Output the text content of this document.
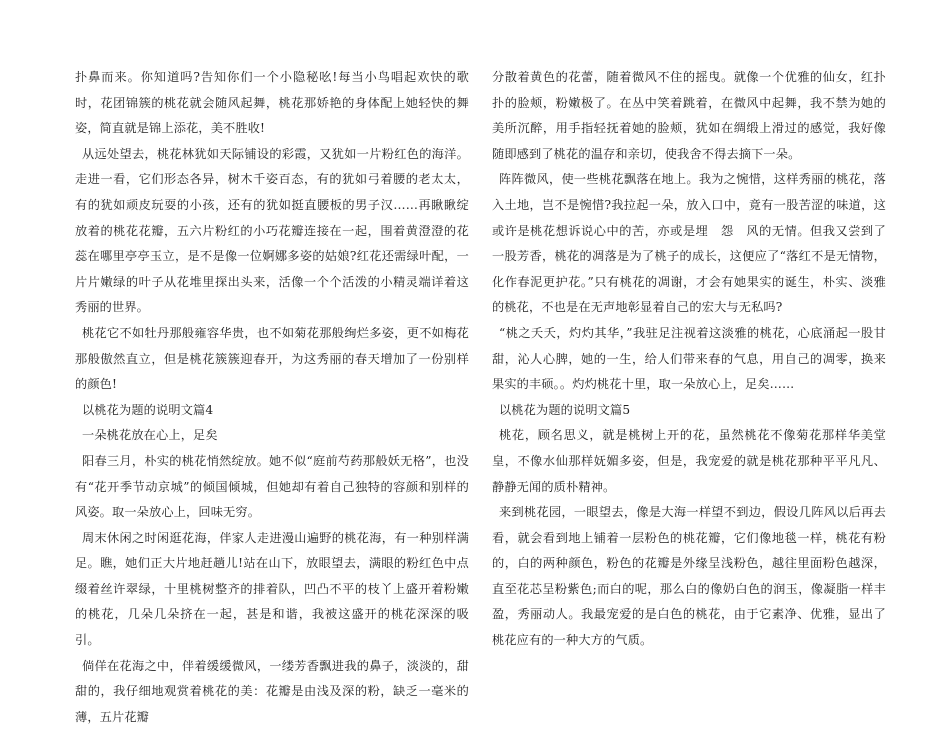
扑鼻而来。你知道吗?告知你们一个小隐秘吆!每当小鸟唱起欢快的歌时，花团锦簇的桃花就会随风起舞，桃花那娇艳的身体配上她轻快的舞姿，简直就是锦上添花，美不胜收!

从远处望去，桃花林犹如天际铺设的彩霞，又犹如一片粉红色的海洋。走进一看，它们形态各异，树木千姿百态，有的犹如弓着腰的老太太，有的犹如顽皮玩耍的小孩，还有的犹如挺直腰板的男子汉……再瞅瞅绽放着的桃花花瓣，五六片粉红的小巧花瓣连接在一起，围着黄澄澄的花蕊在哪里亭亭玉立，是不是像一位婀娜多姿的姑娘?红花还需绿叶配，一片片嫩绿的叶子从花堆里探出头来，活像一个个活泼的小精灵端详着这秀丽的世界。

桃花它不如牡丹那般雍容华贵，也不如菊花那般绚烂多姿，更不如梅花那般傲然直立，但是桃花簇簇迎春开，为这秀丽的春天增加了一份别样的颜色!

以桃花为题的说明文篇4

一朵桃花放在心上，足矣

阳春三月，朴实的桃花悄然绽放。她不似“庭前芍药那般妖无格”，也没有“花开季节动京城”的倾国倾城，但她却有着自己独特的容颜和别样的风姿。取一朵放心上，回味无穷。

周末休闲之时闲逛花海，伴家人走进漫山遍野的桃花海，有一种别样满足。瞧，她们正大片地赶趟儿!站在山下，放眼望去，满眼的粉红色中点缀着丝许翠绿，十里桃树整齐的排着队，凹凸不平的枝丫上盛开着粉嫩的桃花，几朵几朵挤在一起，甚是和谐，我被这盛开的桃花深深的吸引。

倘佯在花海之中，伴着缓缓微风，一缕芳香飘进我的鼻子，淡淡的，甜甜的，我仔细地观赏着桃花的美：花瓣是由浅及深的粉，缺乏一毫米的薄，五片花瓣

分散着黄色的花蕾，随着微风不住的摇曳。就像一个优雅的仙女，红扑扑的脸颊，粉嫩极了。在丛中笑着跳着，在微风中起舞，我不禁为她的美所沉醉，用手指轻抚着她的脸颊，犹如在绸缎上滑过的感觉，我好像随即感到了桃花的温存和亲切，使我舍不得去摘下一朵。

阵阵微风，使一些桃花飘落在地上。我为之惋惜，这样秀丽的桃花，落入土地，岂不是惋惜?我拉起一朵，放入口中，竟有一股苦涩的味道，这或许是桃花想诉说心中的苦，亦或是埋　怨　风的无情。但我又尝到了一股芳香，桃花的凋落是为了桃子的成长，这便应了“落红不是无情物，化作春泥更护花。”只有桃花的凋谢，才会有她果实的诞生，朴实、淡雅的桃花，不也是在无声地彰显着自己的宏大与无私吗?

“桃之夭夭，灼灼其华，”我驻足注视着这淡雅的桃花，心底涌起一股甘甜，沁人心脾，她的一生，给人们带来春的气息，用自己的凋零，换来果实的丰硕。。灼灼桃花十里，取一朵放心上，足矣……

以桃花为题的说明文篇5

桃花，顾名思义，就是桃树上开的花，虽然桃花不像菊花那样华美堂皇，不像水仙那样妩媚多姿，但是，我宠爱的就是桃花那种平平凡凡、静静无闻的质朴精神。

来到桃花园，一眼望去，像是大海一样望不到边，假设几阵风以后再去看，就会看到地上铺着一层粉色的桃花瓣，它们像地毯一样，桃花有粉的，白的两种颜色，粉色的花瓣是外缘呈浅粉色，越往里面粉色越深，直至花芯呈粉紫色;而白的呢，那么白的像奶白色的润玉，像凝脂一样丰盈，秀丽动人。我最宠爱的是白色的桃花，由于它素净、优雅，显出了桃花应有的一种大方的气质。
